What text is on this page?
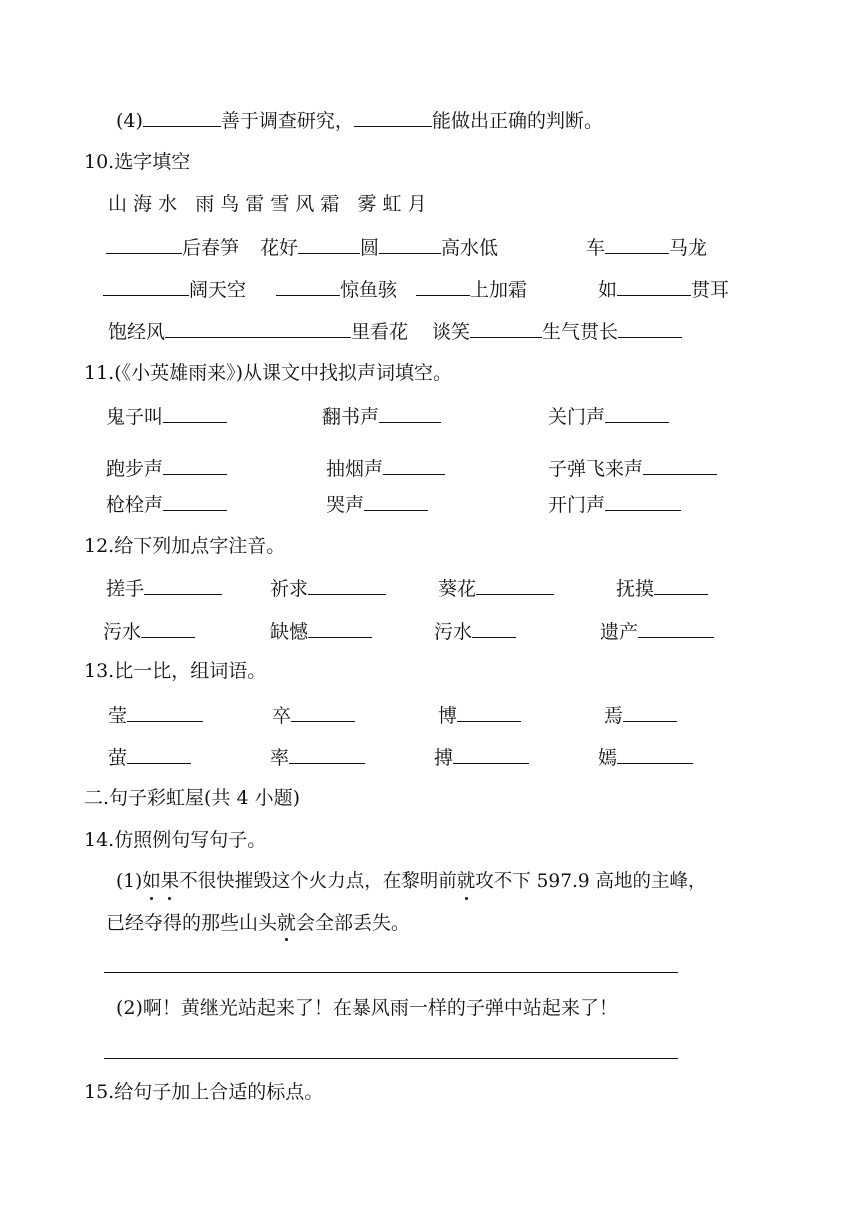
(4)	善于调查研究，	能做出正确的判断。
10.选字填空
山 海 水   雨 鸟 雷 雪 风 霜   雾 虹 月
后春笋 花好	圆	高水低	车	马龙
阔天空	惊鱼骇	上加霜	如	贯耳
饱经风	里看花 谈笑	生气贯长
11.(《小英雄雨来》)从课文中找拟声词填空。
鬼子叫	翻书声	关门声
跑步声	抽烟声	子弹飞来声
枪栓声	哭声	开门声
12.给下列加点字注音。
搓手	祈求	葵花	抚摸
污水	缺憾	污水	遗产
13.比一比，组词语。
莹	卒	博	焉
萤	率	搏	嫣
二.句子彩虹屋(共 4 小题)
14.仿照例句写句子。
(1)如果不很快摧毁这个火力点，在黎明前就攻不下 597.9 高地的主峰，
已经夺得的那些山头就会全部丢失。
(2)啊！黄继光站起来了！在暴风雨一样的子弹中站起来了！
15.给句子加上合适的标点。
